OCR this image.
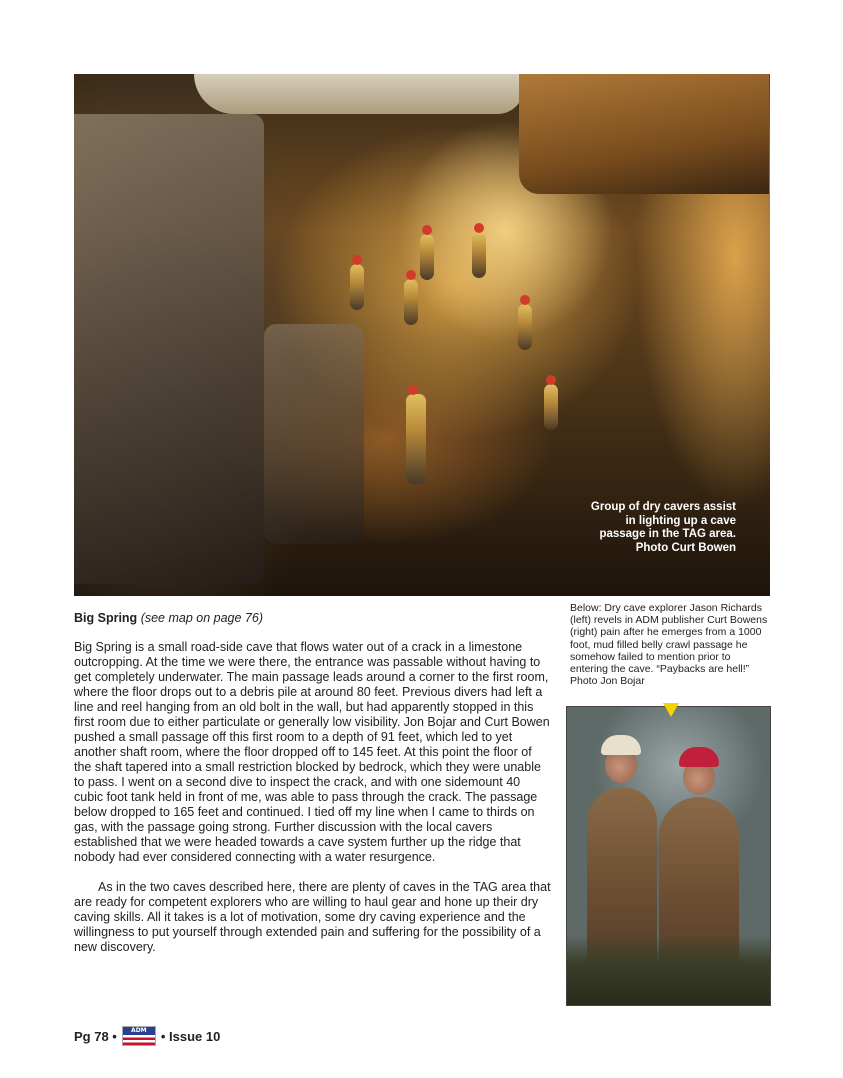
Group of dry cavers assist
in lighting up a cave
passage in the TAG area.
Photo Curt Bowen

Big Spring (see map on page 76)

Big Spring is a small road-side cave that flows water out of a crack in a limestone outcropping. At the time we were there, the entrance was passable without having to get completely underwater. The main passage leads around a corner to the first room, where the floor drops out to a debris pile at around 80 feet. Previous divers had left a line and reel hanging from an old bolt in the wall, but had apparently stopped in this first room due to either particulate or generally low visibility. Jon Bojar and Curt Bowen pushed a small passage off this first room to a depth of 91 feet, which led to yet another shaft room, where the floor dropped off to 145 feet. At this point the floor of the shaft tapered into a small restriction blocked by bedrock, which they were unable to pass. I went on a second dive to inspect the crack, and with one sidemount 40 cubic foot tank held in front of me, was able to pass through the crack. The passage below dropped to 165 feet and continued. I tied off my line when I came to thirds on gas, with the passage going strong. Further discussion with the local cavers established that we were headed towards a cave system further up the ridge that nobody had ever considered connecting with a water resurgence.

As in the two caves described here, there are plenty of caves in the TAG area that are ready for competent explorers who are willing to haul gear and hone up their dry caving skills. All it takes is a lot of motivation, some dry caving experience and the willingness to put yourself through extended pain and suffering for the possibility of a new discovery.

Below: Dry cave explorer Jason Richards (left) revels in ADM publisher Curt Bowens (right) pain after he emerges from a 1000 foot, mud filled belly crawl passage he somehow failed to mention prior to entering the cave. “Paybacks are hell!” Photo Jon Bojar
Pg 78 •	ADM	• Issue 10
